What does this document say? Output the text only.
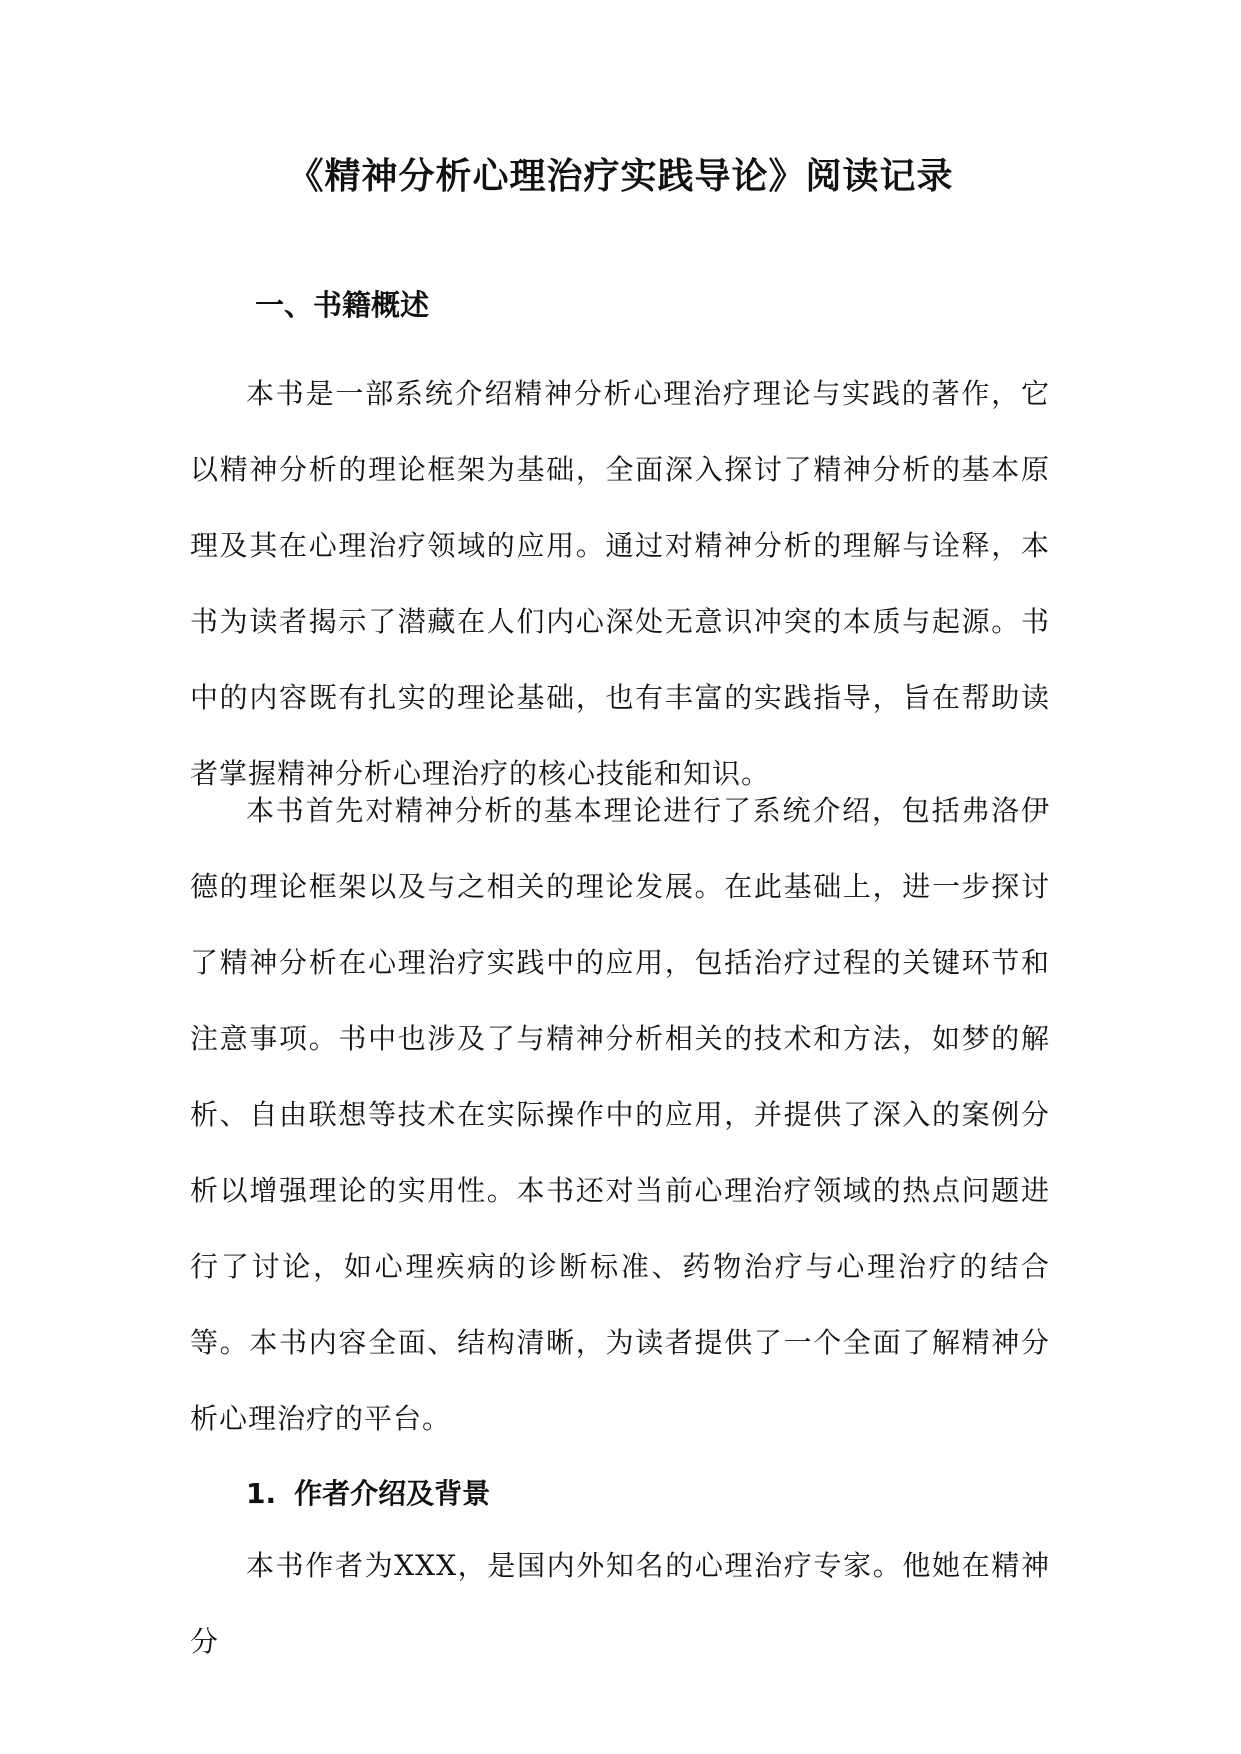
《精神分析心理治疗实践导论》阅读记录
一、书籍概述

本书是一部系统介绍精神分析心理治疗理论与实践的著作，它以精神分析的理论框架为基础，全面深入探讨了精神分析的基本原理及其在心理治疗领域的应用。通过对精神分析的理解与诠释，本书为读者揭示了潜藏在人们内心深处无意识冲突的本质与起源。书中的内容既有扎实的理论基础，也有丰富的实践指导，旨在帮助读者掌握精神分析心理治疗的核心技能和知识。

本书首先对精神分析的基本理论进行了系统介绍，包括弗洛伊德的理论框架以及与之相关的理论发展。在此基础上，进一步探讨了精神分析在心理治疗实践中的应用，包括治疗过程的关键环节和注意事项。书中也涉及了与精神分析相关的技术和方法，如梦的解析、自由联想等技术在实际操作中的应用，并提供了深入的案例分析以增强理论的实用性。本书还对当前心理治疗领域的热点问题进行了讨论，如心理疾病的诊断标准、药物治疗与心理治疗的结合等。本书内容全面、结构清晰，为读者提供了一个全面了解精神分析心理治疗的平台。

1. 作者介绍及背景

本书作者为XXX，是国内外知名的心理治疗专家。他她在精神分
